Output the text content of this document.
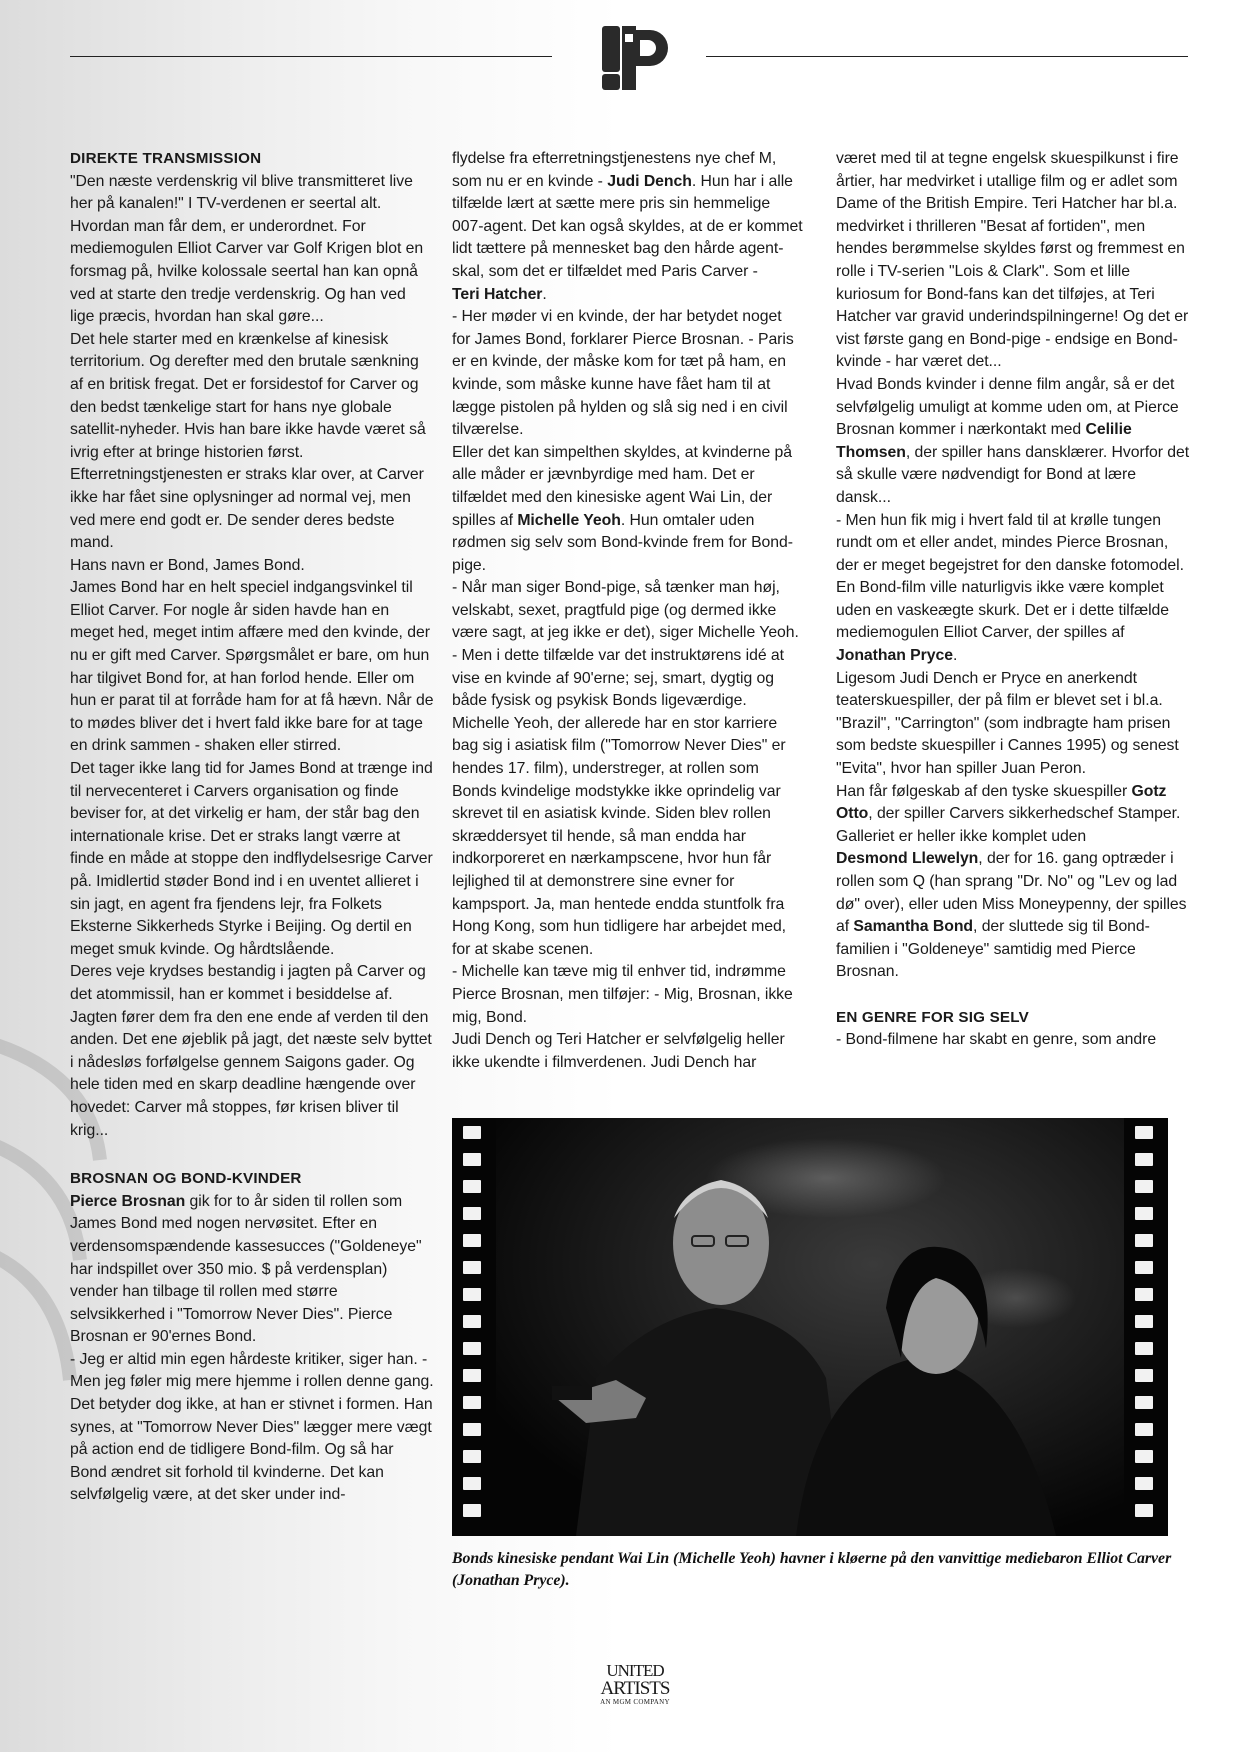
DIREKTE TRANSMISSION

"Den næste verdenskrig vil blive transmitteret live her på kanalen!" I TV-verdenen er seertal alt. Hvordan man får dem, er underordnet. For mediemogulen Elliot Carver var Golf Krigen blot en forsmag på, hvilke kolossale seertal han kan opnå ved at starte den tredje verdenskrig. Og han ved lige præcis, hvordan han skal gøre...

Det hele starter med en krænkelse af kinesisk territorium. Og derefter med den brutale sænkning af en britisk fregat. Det er forsidestof for Carver og den bedst tænkelige start for hans nye globale satellit-nyheder. Hvis han bare ikke havde været så ivrig efter at bringe historien først.

Efterretningstjenesten er straks klar over, at Carver ikke har fået sine oplysninger ad normal vej, men ved mere end godt er. De sender deres bedste mand.

Hans navn er Bond, James Bond.

James Bond har en helt speciel indgangsvinkel til Elliot Carver. For nogle år siden havde han en meget hed, meget intim affære med den kvinde, der nu er gift med Carver. Spørgsmålet er bare, om hun har tilgivet Bond for, at han forlod hende. Eller om hun er parat til at forråde ham for at få hævn. Når de to mødes bliver det i hvert fald ikke bare for at tage en drink sammen - shaken eller stirred.

Det tager ikke lang tid for James Bond at trænge ind til nervecenteret i Carvers organisation og finde beviser for, at det virkelig er ham, der står bag den internationale krise. Det er straks langt værre at finde en måde at stoppe den indflydelsesrige Carver på. Imidlertid støder Bond ind i en uventet allieret i sin jagt, en agent fra fjendens lejr, fra Folkets Eksterne Sikkerheds Styrke i Beijing. Og dertil en meget smuk kvinde. Og hårdtslående.

Deres veje krydses bestandig i jagten på Carver og det atommissil, han er kommet i besiddelse af. Jagten fører dem fra den ene ende af verden til den anden. Det ene øjeblik på jagt, det næste selv byttet i nådesløs forfølgelse gennem Saigons gader. Og hele tiden med en skarp deadline hængende over hovedet: Carver må stoppes, før krisen bliver til krig...

BROSNAN OG BOND-KVINDER

Pierce Brosnan gik for to år siden til rollen som James Bond med nogen nervøsitet. Efter en verdensomspændende kassesucces ("Goldeneye" har indspillet over 350 mio. $ på verdensplan) vender han tilbage til rollen med større selvsikkerhed i "Tomorrow Never Dies". Pierce Brosnan er 90'ernes Bond.

- Jeg er altid min egen hårdeste kritiker, siger han. - Men jeg føler mig mere hjemme i rollen denne gang.

Det betyder dog ikke, at han er stivnet i formen. Han synes, at "Tomorrow Never Dies" lægger mere vægt på action end de tidligere Bond-film. Og så har Bond ændret sit forhold til kvinderne. Det kan selvfølgelig være, at det sker under ind-

flydelse fra efterretningstjenestens nye chef M, som nu er en kvinde - Judi Dench. Hun har i alle tilfælde lært at sætte mere pris sin hemmelige 007-agent. Det kan også skyldes, at de er kommet lidt tættere på mennesket bag den hårde agent-skal, som det er tilfældet med Paris Carver -

Teri Hatcher.

- Her møder vi en kvinde, der har betydet noget for James Bond, forklarer Pierce Brosnan. - Paris er en kvinde, der måske kom for tæt på ham, en kvinde, som måske kunne have fået ham til at lægge pistolen på hylden og slå sig ned i en civil tilværelse.

Eller det kan simpelthen skyldes, at kvinderne på alle måder er jævnbyrdige med ham. Det er tilfældet med den kinesiske agent Wai Lin, der spilles af Michelle Yeoh. Hun omtaler uden rødmen sig selv som Bond-kvinde frem for Bond-pige.

- Når man siger Bond-pige, så tænker man høj, velskabt, sexet, pragtfuld pige (og dermed ikke være sagt, at jeg ikke er det), siger Michelle Yeoh. - Men i dette tilfælde var det instruktørens idé at vise en kvinde af 90'erne; sej, smart, dygtig og både fysisk og psykisk Bonds ligeværdige.

Michelle Yeoh, der allerede har en stor karriere bag sig i asiatisk film ("Tomorrow Never Dies" er hendes 17. film), understreger, at rollen som Bonds kvindelige modstykke ikke oprindelig var skrevet til en asiatisk kvinde. Siden blev rollen skræddersyet til hende, så man endda har indkorporeret en nærkampscene, hvor hun får lejlighed til at demonstrere sine evner for kampsport. Ja, man hentede endda stuntfolk fra Hong Kong, som hun tidligere har arbejdet med, for at skabe scenen.

- Michelle kan tæve mig til enhver tid, indrømme Pierce Brosnan, men tilføjer: - Mig, Brosnan, ikke mig, Bond.

Judi Dench og Teri Hatcher er selvfølgelig heller ikke ukendte i filmverdenen. Judi Dench har

været med til at tegne engelsk skuespilkunst i fire årtier, har medvirket i utallige film og er adlet som Dame of the British Empire. Teri Hatcher har bl.a. medvirket i thrilleren "Besat af fortiden", men hendes berømmelse skyldes først og fremmest en rolle i TV-serien "Lois & Clark". Som et lille kuriosum for Bond-fans kan det tilføjes, at Teri Hatcher var gravid underindspilningerne! Og det er vist første gang en Bond-pige - endsige en Bond-kvinde - har været det...

Hvad Bonds kvinder i denne film angår, så er det selvfølgelig umuligt at komme uden om, at Pierce Brosnan kommer i nærkontakt med Celilie Thomsen, der spiller hans dansklærer. Hvorfor det så skulle være nødvendigt for Bond at lære dansk...

- Men hun fik mig i hvert fald til at krølle tungen rundt om et eller andet, mindes Pierce Brosnan, der er meget begejstret for den danske fotomodel.

En Bond-film ville naturligvis ikke være komplet uden en vaskeægte skurk. Det er i dette tilfælde mediemogulen Elliot Carver, der spilles af

Jonathan Pryce.

Ligesom Judi Dench er Pryce en anerkendt teaterskuespiller, der på film er blevet set i bl.a. "Brazil", "Carrington" (som indbragte ham prisen som bedste skuespiller i Cannes 1995) og senest "Evita", hvor han spiller Juan Peron.

Han får følgeskab af den tyske skuespiller Gotz Otto, der spiller Carvers sikkerhedschef Stamper. Galleriet er heller ikke komplet uden

Desmond Llewelyn, der for 16. gang optræder i rollen som Q (han sprang "Dr. No" og "Lev og lad dø" over), eller uden Miss Moneypenny, der spilles af Samantha Bond, der sluttede sig til Bond-familien i "Goldeneye" samtidig med Pierce Brosnan.

EN GENRE FOR SIG SELV

- Bond-filmene har skabt en genre, som andre

Bonds kinesiske pendant Wai Lin (Michelle Yeoh) havner i kløerne på den vanvittige mediebaron Elliot Carver (Jonathan Pryce).

UNITED
ARTISTS
AN MGM COMPANY
